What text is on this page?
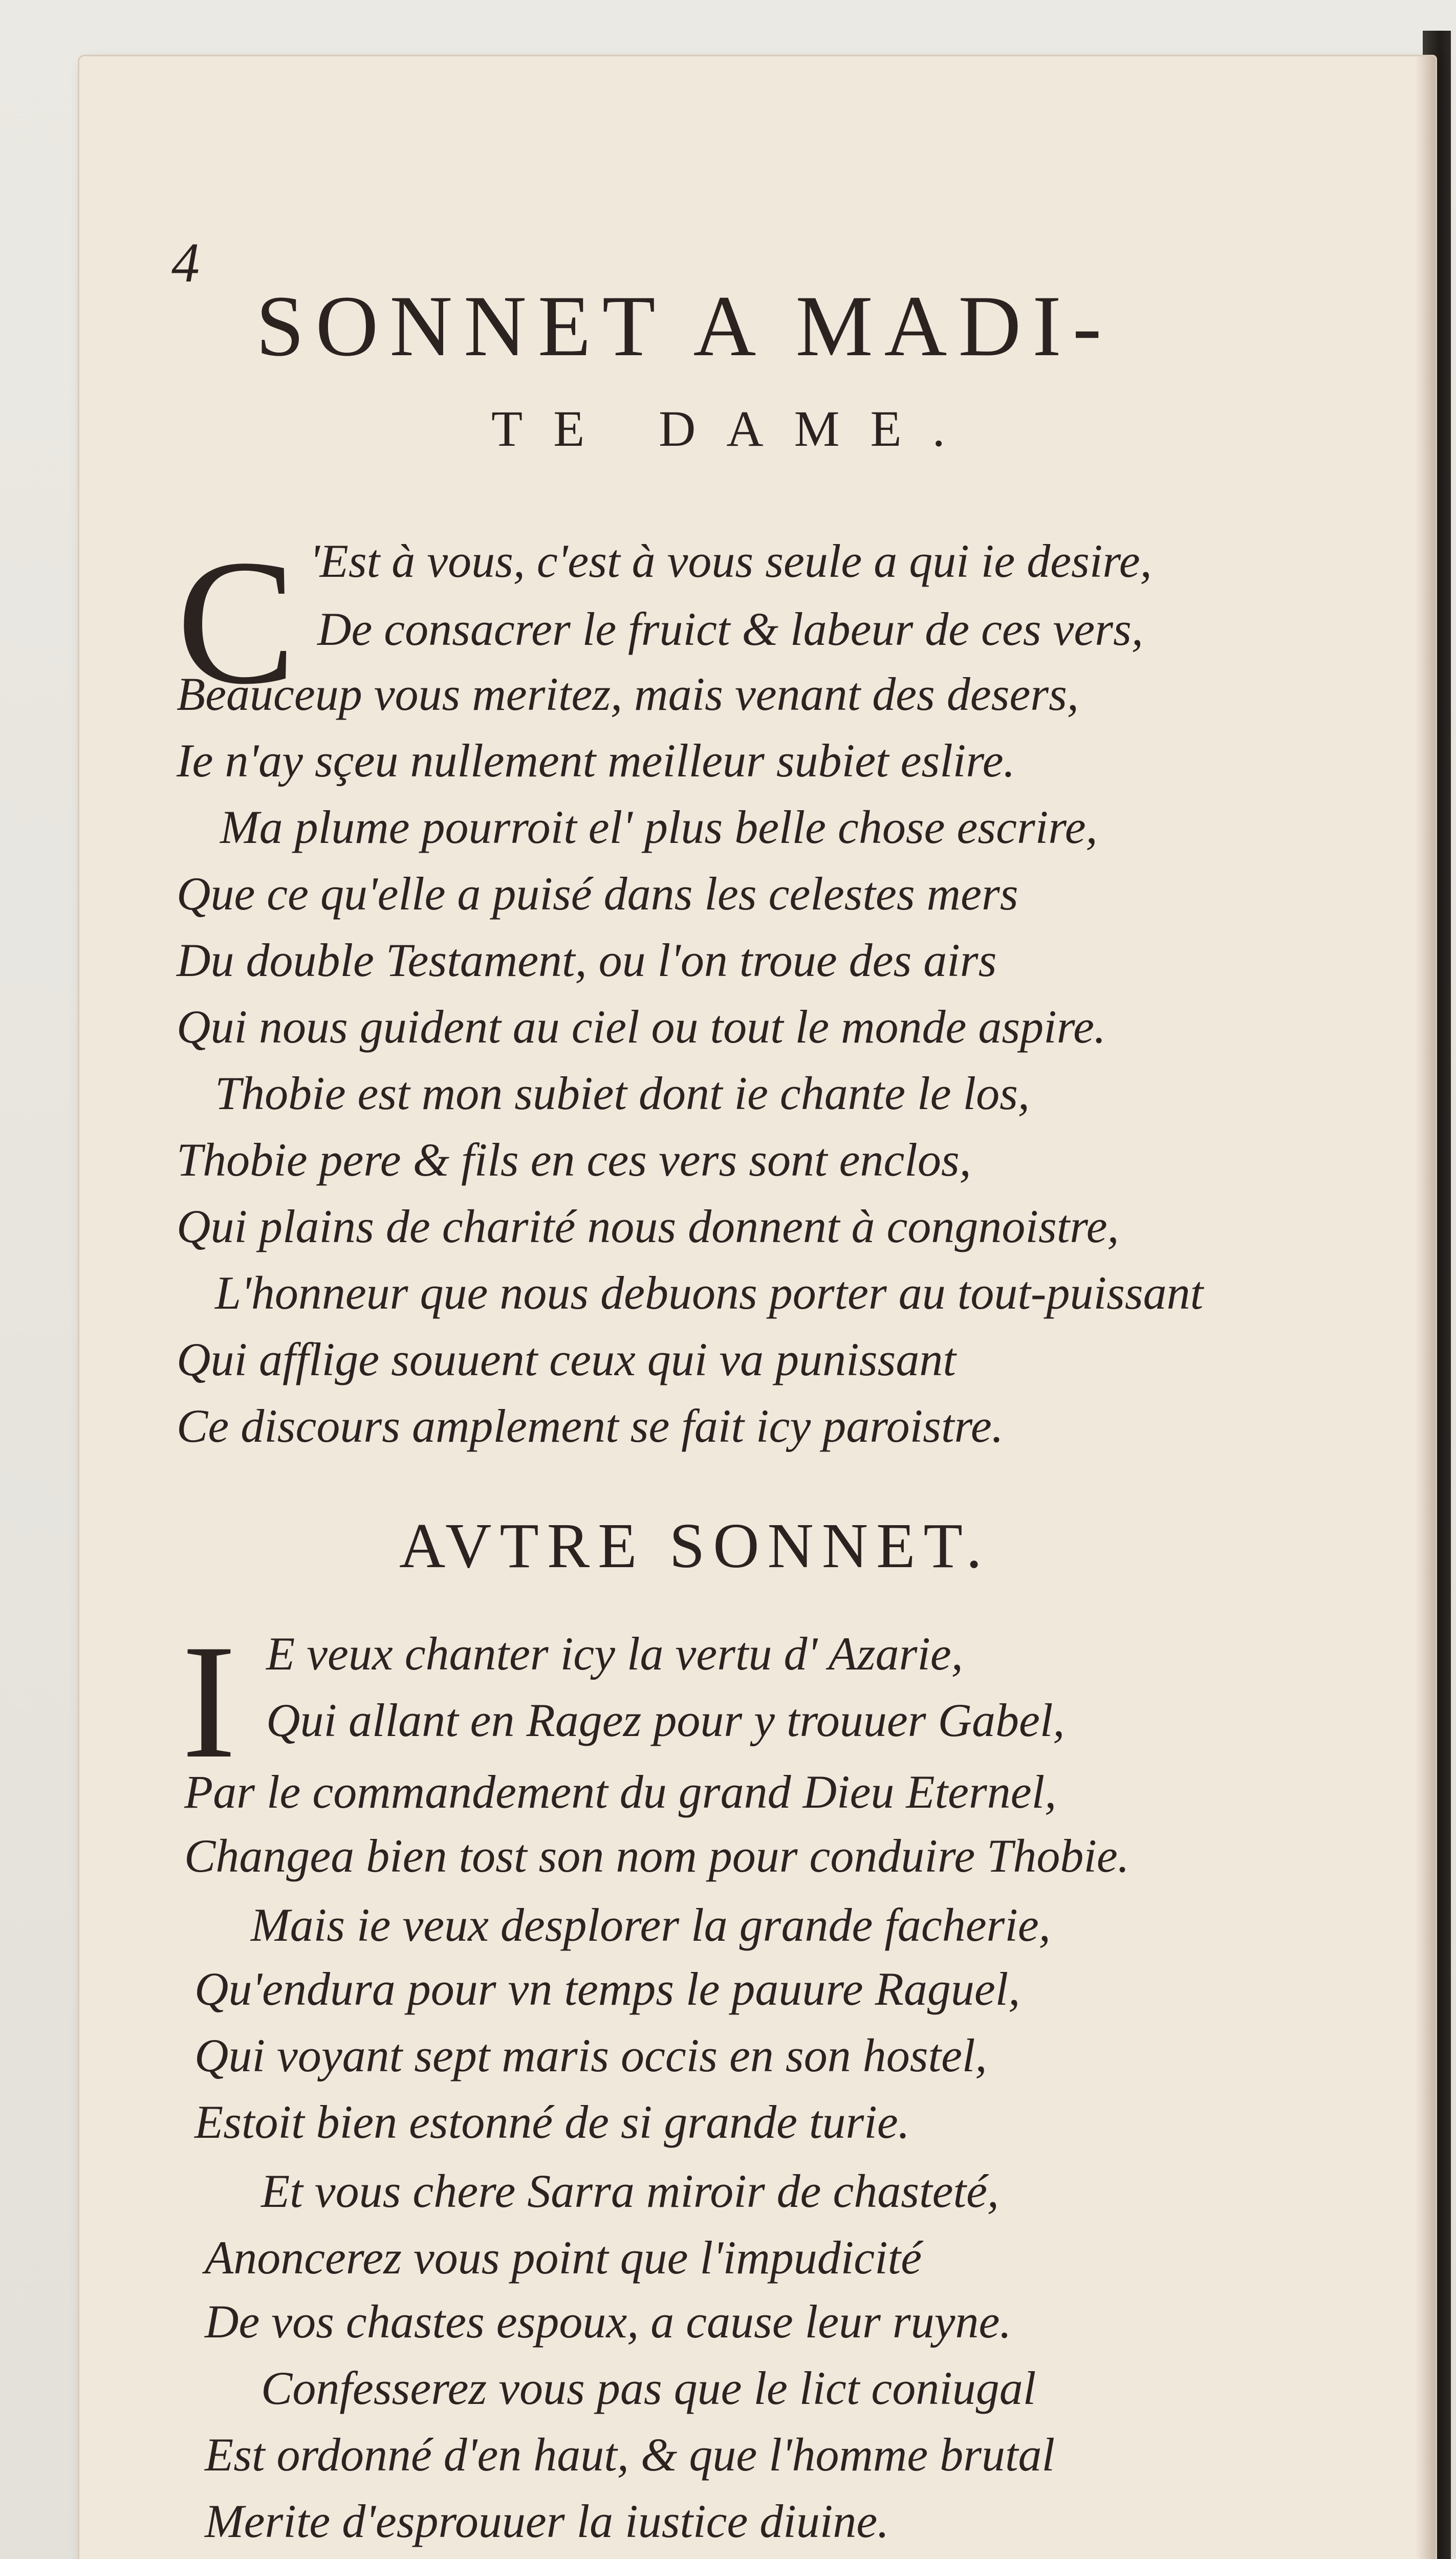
4
SONNET A MADI-
TE DAME.
C 'Est à vous, c'est à vous seule a qui ie desire,
De consacrer le fruict & labeur de ces vers,
Beauceup vous meritez, mais venant des desers,
Ie n'ay sçeu nullement meilleur subiet eslire.
Ma plume pourroit el' plus belle chose escrire,
Que ce qu'elle a puisé dans les celestes mers
Du double Testament, ou l'on troue des airs
Qui nous guident au ciel ou tout le monde aspire.
Thobie est mon subiet dont ie chante le los,
Thobie pere & fils en ces vers sont enclos,
Qui plains de charité nous donnent à congnoistre,
L'honneur que nous debuons porter au tout-puissant
Qui afflige souuent ceux qui va punissant
Ce discours amplement se fait icy paroistre.
AVTRE SONNET.
I E veux chanter icy la vertu d' Azarie,
Qui allant en Ragez pour y trouuer Gabel,
Par le commandement du grand Dieu Eternel,
Changea bien tost son nom pour conduire Thobie.
Mais ie veux desplorer la grande facherie,
Qu'endura pour vn temps le pauure Raguel,
Qui voyant sept maris occis en son hostel,
Estoit bien estonné de si grande turie.
Et vous chere Sarra miroir de chasteté,
Anoncerez vous point que l'impudicité
De vos chastes espoux, a cause leur ruyne.
Confesserez vous pas que le lict coniugal
Est ordonné d'en haut, & que l'homme brutal
Merite d'esprouuer la iustice diuine.
